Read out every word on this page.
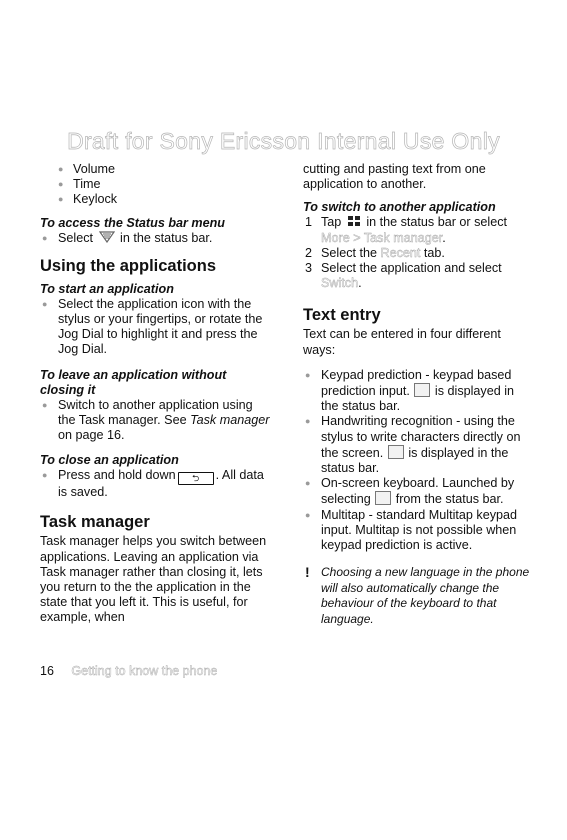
Draft for Sony Ericsson Internal Use Only
● Volume
● Time
● Keylock
To access the Status bar menu
● Select in the status bar.
Using the applications
To start an application
● Select the application icon with the stylus or your fingertips, or rotate the Jog Dial to highlight it and press the Jog Dial.
To leave an application without closing it
● Switch to another application using the Task manager. See Task manager on page 16.
To close an application
● Press and hold down ⮌ . All data is saved.
Task manager
Task manager helps you switch between applications. Leaving an application via Task manager rather than closing it, lets you return to the the application in the state that you left it. This is useful, for example, when
cutting and pasting text from one application to another.
To switch to another application
1 Tap in the status bar or select More > Task manager.
2 Select the Recent tab.
3 Select the application and select Switch.
Text entry
Text can be entered in four different ways:
● Keypad prediction - keypad based prediction input. is displayed in the status bar.
● Handwriting recognition - using the stylus to write characters directly on the screen. is displayed in the status bar.
● On-screen keyboard. Launched by selecting from the status bar.
● Multitap - standard Multitap keypad input. Multitap is not possible when keypad prediction is active.
! Choosing a new language in the phone will also automatically change the behaviour of the keyboard to that language.
16 Getting to know the phone
